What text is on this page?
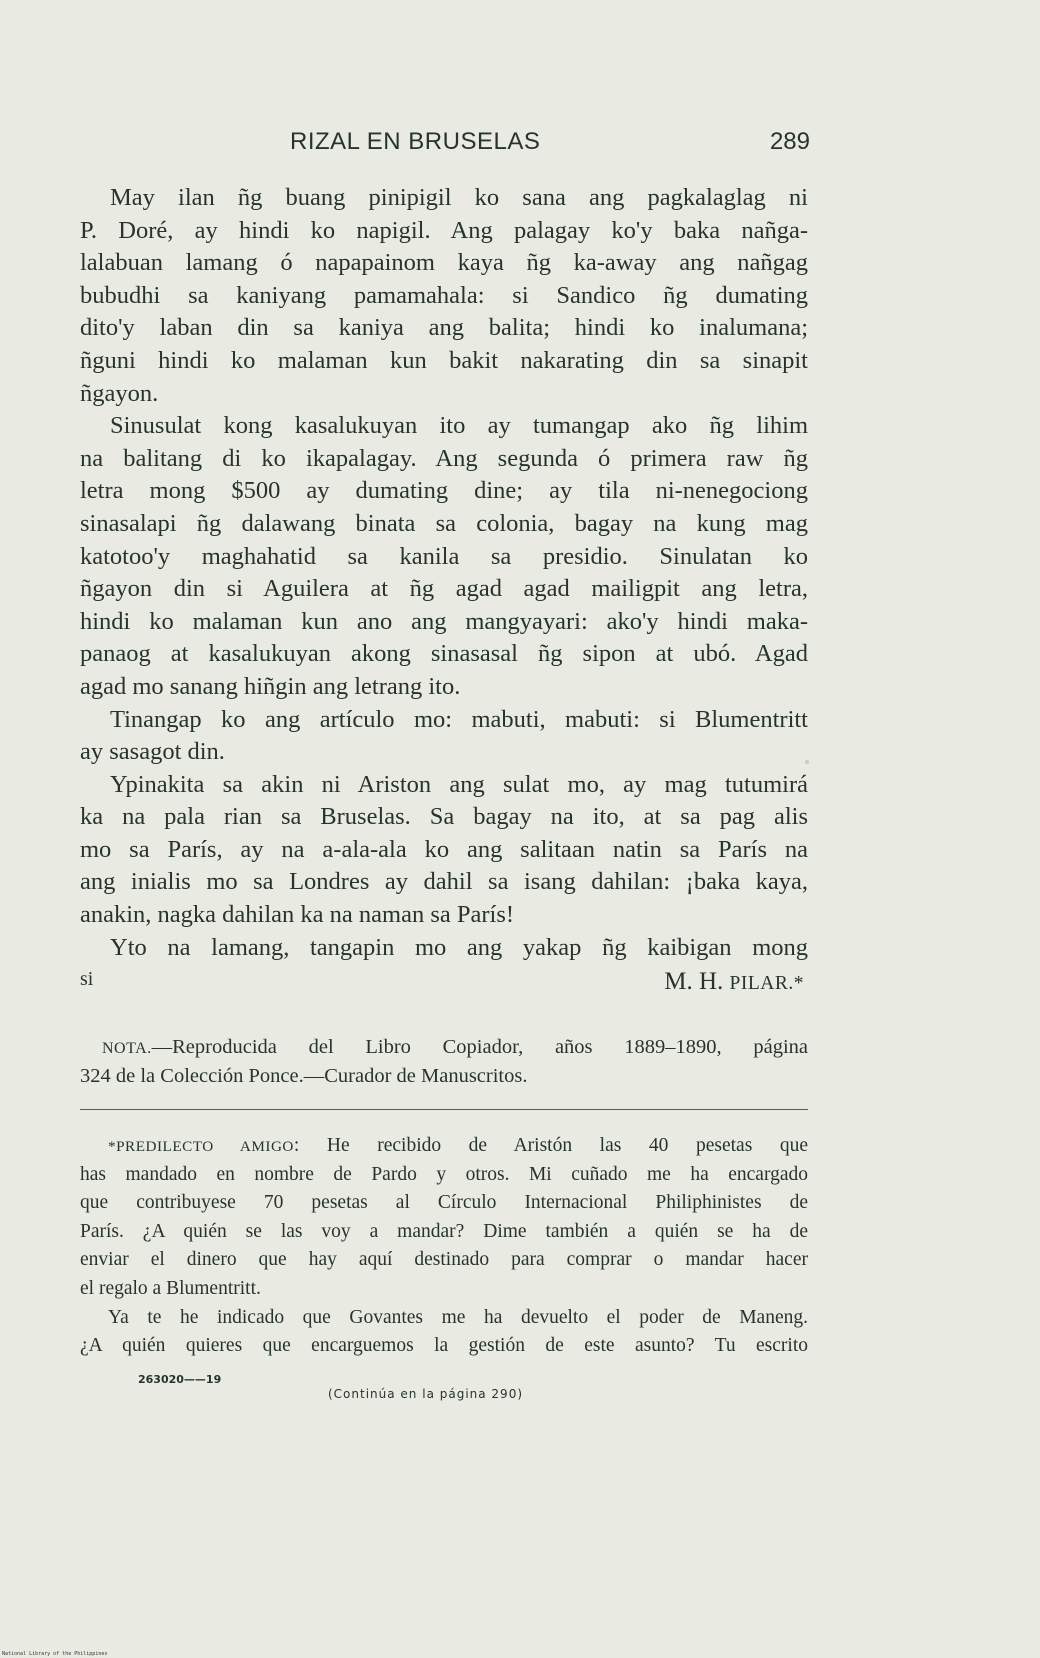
RIZAL EN BRUSELAS	289
May ilan ñg buang pinipigil ko sana ang pagkalaglag ni
P. Doré, ay hindi ko napigil. Ang palagay ko'y baka nañga-
lalabuan lamang ó napapainom kaya ñg ka-away ang nañgag
bubudhi sa kaniyang pamamahala: si Sandico ñg dumating
dito'y laban din sa kaniya ang balita; hindi ko inalumana;
ñguni hindi ko malaman kun bakit nakarating din sa sinapit
ñgayon.
Sinusulat kong kasalukuyan ito ay tumangap ako ñg lihim
na balitang di ko ikapalagay. Ang segunda ó primera raw ñg
letra mong $500 ay dumating dine; ay tila ni-nenegociong
sinasalapi ñg dalawang binata sa colonia, bagay na kung mag
katotoo'y maghahatid sa kanila sa presidio. Sinulatan ko
ñgayon din si Aguilera at ñg agad agad mailigpit ang letra,
hindi ko malaman kun ano ang mangyayari: ako'y hindi maka-
panaog at kasalukuyan akong sinasasal ñg sipon at ubó. Agad
agad mo sanang hiñgin ang letrang ito.
Tinangap ko ang artículo mo: mabuti, mabuti: si Blumentritt
ay sasagot din.
Ypinakita sa akin ni Ariston ang sulat mo, ay mag tutumirá
ka na pala rian sa Bruselas. Sa bagay na ito, at sa pag alis
mo sa París, ay na a-ala-ala ko ang salitaan natin sa París na
ang inialis mo sa Londres ay dahil sa isang dahilan: ¡baka kaya,
anakin, nagka dahilan ka na naman sa París!
Yto na lamang, tangapin mo ang yakap ñg kaibigan mong
si	M. H. PILAR.*
NOTA.—Reproducida del Libro Copiador, años 1889–1890, página
324 de la Colección Ponce.—Curador de Manuscritos.
*PREDILECTO AMIGO: He recibido de Aristón las 40 pesetas que
has mandado en nombre de Pardo y otros. Mi cuñado me ha encargado
que contribuyese 70 pesetas al Círculo Internacional Philiphinistes de
París. ¿A quién se las voy a mandar? Dime también a quién se ha de
enviar el dinero que hay aquí destinado para comprar o mandar hacer
el regalo a Blumentritt.
Ya te he indicado que Govantes me ha devuelto el poder de Maneng.
¿A quién quieres que encarguemos la gestión de este asunto? Tu escrito
263020——19
(Continúa en la página 290)
National Library of the Philippines
